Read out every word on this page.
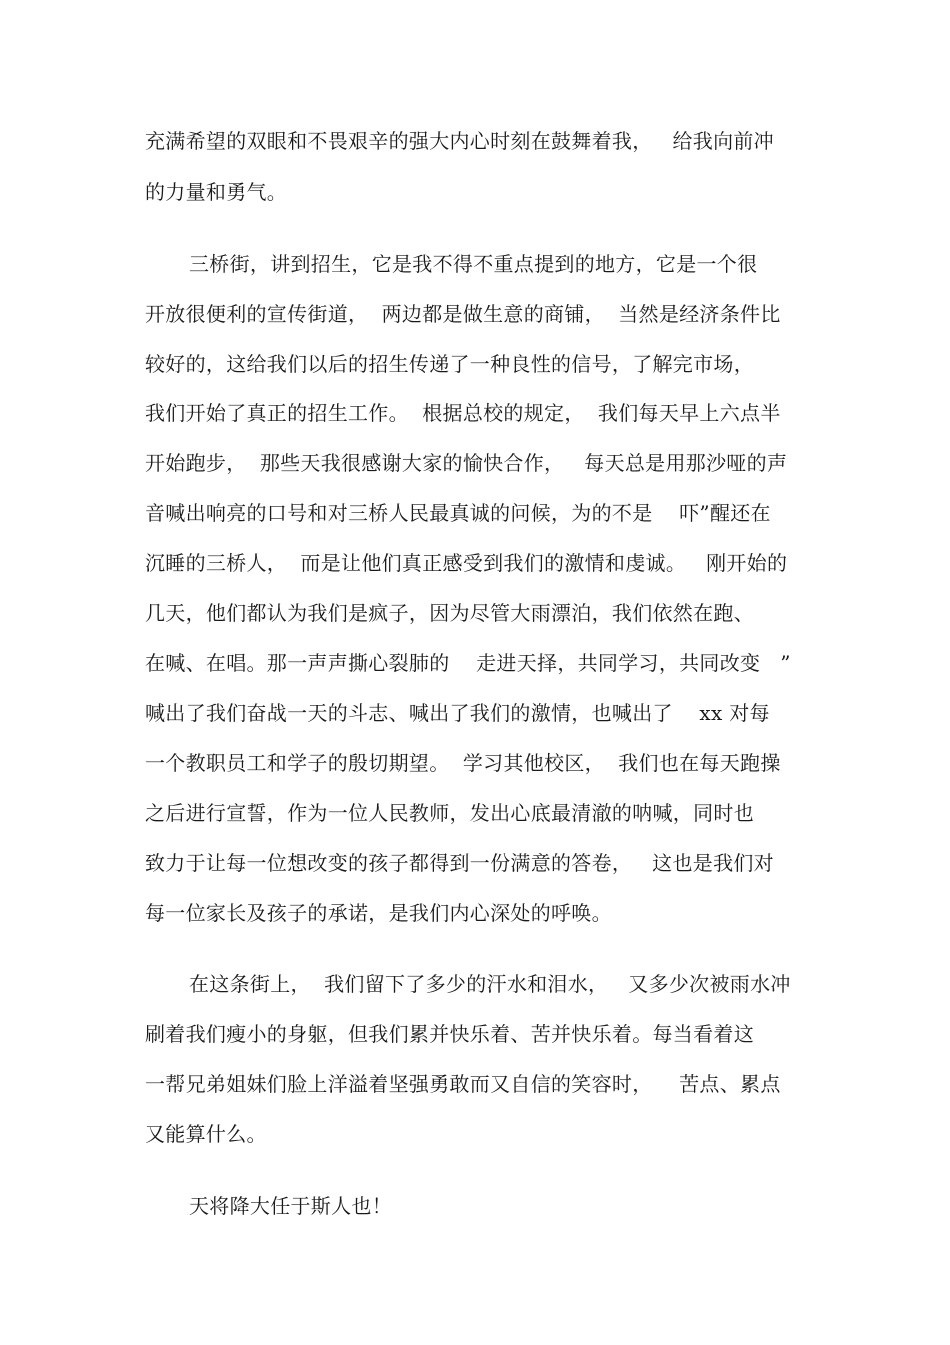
充满希望的双眼和不畏艰辛的强大内心时刻在鼓舞着我，   给我向前冲
的力量和勇气。
三桥街，讲到招生，它是我不得不重点提到的地方，它是一个很
开放很便利的宣传街道，  两边都是做生意的商铺，  当然是经济条件比
较好的，这给我们以后的招生传递了一种良性的信号，了解完市场，
我们开始了真正的招生工作。  根据总校的规定，  我们每天早上六点半
开始跑步，  那些天我很感谢大家的愉快合作，   每天总是用那沙哑的声
音喊出响亮的口号和对三桥人民最真诚的问候，为的不是    吓”醒还在
沉睡的三桥人，  而是让他们真正感受到我们的激情和虔诚。   刚开始的
几天，他们都认为我们是疯子，因为尽管大雨漂泊，我们依然在跑、
在喊、在唱。那一声声撕心裂肺的    走进天择，共同学习，共同改变   ”
喊出了我们奋战一天的斗志、喊出了我们的激情，也喊出了    xx 对每
一个教职员工和学子的殷切期望。  学习其他校区，  我们也在每天跑操
之后进行宣誓，作为一位人民教师，发出心底最清澈的呐喊，同时也
致力于让每一位想改变的孩子都得到一份满意的答卷，   这也是我们对
每一位家长及孩子的承诺，是我们内心深处的呼唤。
在这条街上，  我们留下了多少的汗水和泪水，   又多少次被雨水冲
刷着我们瘦小的身躯，但我们累并快乐着、苦并快乐着。每当看着这
一帮兄弟姐妹们脸上洋溢着坚强勇敢而又自信的笑容时，    苦点、累点
又能算什么。
天将降大任于斯人也！
